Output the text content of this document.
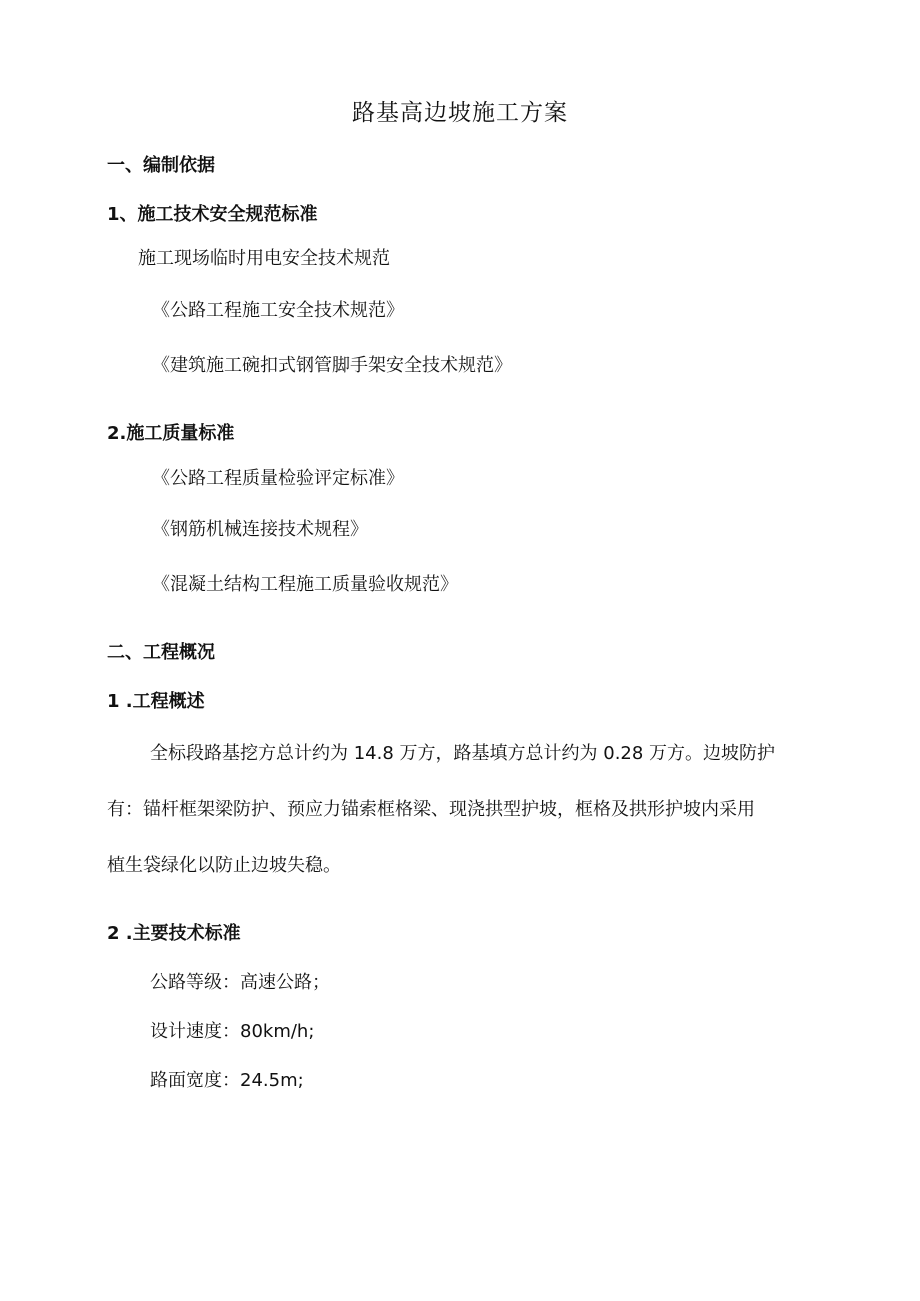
路基高边坡施工方案
一、编制依据
1、施工技术安全规范标准
施工现场临时用电安全技术规范
《公路工程施工安全技术规范》
《建筑施工碗扣式钢管脚手架安全技术规范》
2.施工质量标准
《公路工程质量检验评定标准》
《钢筋机械连接技术规程》
《混凝土结构工程施工质量验收规范》
二、工程概况
1 .工程概述
全标段路基挖方总计约为 14.8 万方，路基填方总计约为 0.28 万方。边坡防护
有：锚杆框架梁防护、预应力锚索框格梁、现浇拱型护坡，框格及拱形护坡内采用
植生袋绿化以防止边坡失稳。
2 .主要技术标准
公路等级：高速公路；
设计速度：80km/h;
路面宽度：24.5m;
